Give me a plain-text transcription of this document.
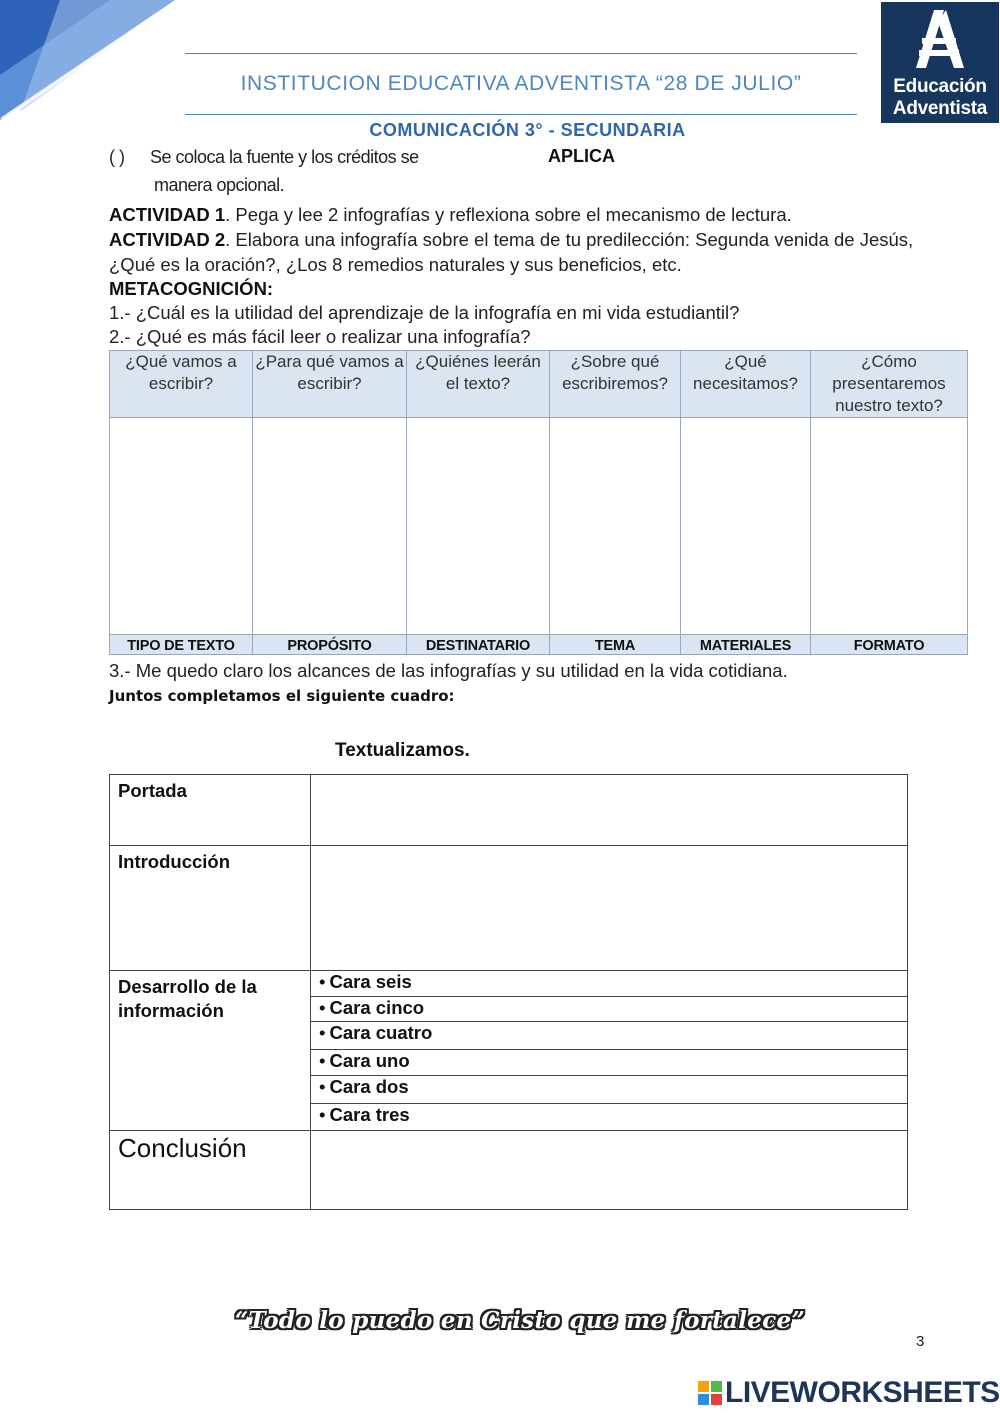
INSTITUCION EDUCATIVA ADVENTISTA “28 DE JULIO”	Educación
Adventista
COMUNICACIÓN 3° - SECUNDARIA
( ) Se coloca la fuente y los créditos se
manera opcional.
APLICA
ACTIVIDAD 1. Pega y lee 2 infografías y reflexiona sobre el mecanismo de lectura.
ACTIVIDAD 2. Elabora una infografía sobre el tema de tu predilección: Segunda venida de Jesús, ¿Qué es la oración?, ¿Los 8 remedios naturales y sus beneficios, etc.
METACOGNICIÓN:
1.- ¿Cuál es la utilidad del aprendizaje de la infografía en mi vida estudiantil?
2.- ¿Qué es más fácil leer o realizar una infografía?
¿Qué vamos a escribir?	¿Para qué vamos a escribir?	¿Quiénes leerán el texto?	¿Sobre qué escribiremos?	¿Qué necesitamos?	¿Cómo presentaremos nuestro texto?

TIPO DE TEXTO	PROPÓSITO	DESTINATARIO	TEMA	MATERIALES	FORMATO
3.- Me quedo claro los alcances de las infografías y su utilidad en la vida cotidiana.
Juntos completamos el siguiente cuadro:
Textualizamos.
Portada	
Introducción	
Desarrollo de la información	• Cara seis
	• Cara cinco
	• Cara cuatro
	• Cara uno
	• Cara dos
	• Cara tres
Conclusión	
“Todo lo puedo en Cristo que me fortalece”
3
LIVEWORKSHEETS
